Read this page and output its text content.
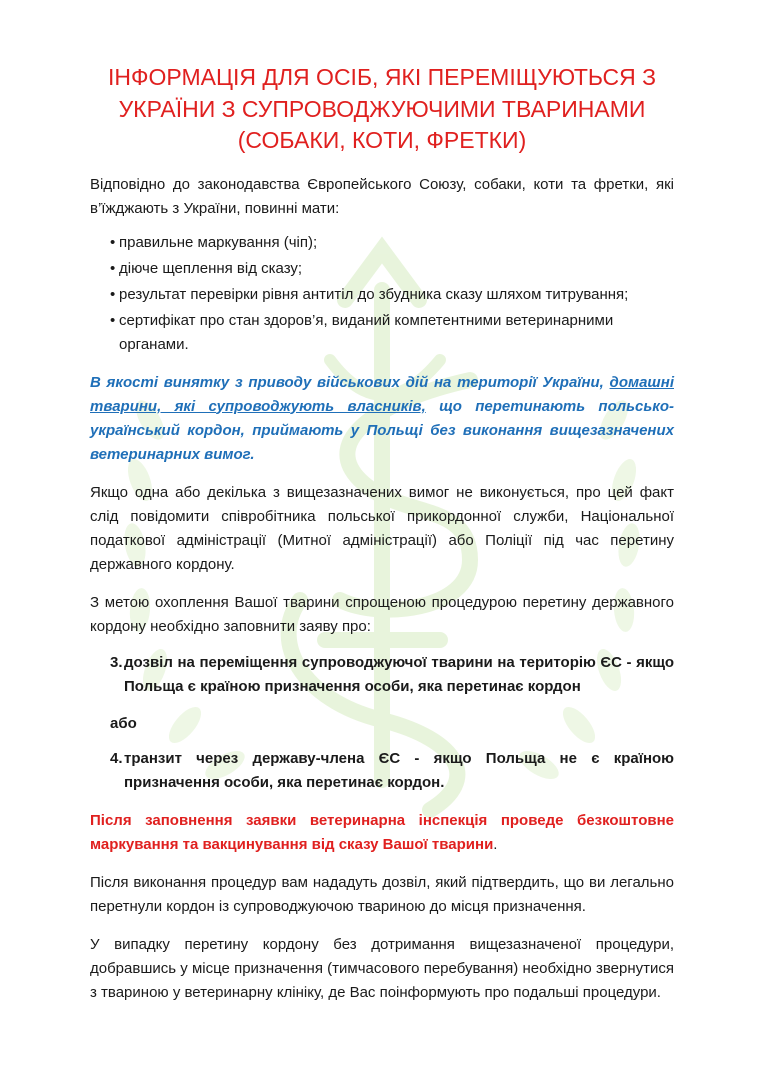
ІНФОРМАЦІЯ ДЛЯ ОСІБ, ЯКІ ПЕРЕМІЩУЮТЬСЯ З УКРАЇНИ З СУПРОВОДЖУЮЧИМИ ТВАРИНАМИ (СОБАКИ, КОТИ, ФРЕТКИ)

Відповідно до законодавства Європейського Союзу, собаки, коти та фретки, які в’їжджають з України, повинні мати:

• правильне маркування (чіп);
• діюче щеплення від сказу;
• результат перевірки рівня антитіл до збудника сказу шляхом титрування;
• сертифікат про стан здоров’я, виданий компетентними ветеринарними органами.

В якості винятку з приводу військових дій на території України, домашні тварини, які супроводжують власників, що перетинають польсько-український кордон, приймають у Польщі без виконання вищезазначених ветеринарних вимог.

Якщо одна або декілька з вищезазначених вимог не виконується, про цей факт слід повідомити співробітника польської прикордонної служби, Національної податкової адміністрації (Митної адміністрації) або Поліції під час перетину державного кордону.

З метою охоплення Вашої тварини спрощеною процедурою перетину державного кордону необхідно заповнити заяву про:

3. дозвіл на переміщення супроводжуючої тварини на територію ЄС - якщо Польща є країною призначення особи, яка перетинає кордон
або
4. транзит через державу-члена ЄС - якщо Польща не є країною призначення особи, яка перетинає кордон.

Після заповнення заявки ветеринарна інспекція проведе безкоштовне маркування та вакцинування від сказу Вашої тварини.

Після виконання процедур вам нададуть дозвіл, який підтвердить, що ви легально перетнули кордон із супроводжуючою твариною до місця призначення.

У випадку перетину кордону без дотримання вищезазначеної процедури, добравшись у місце призначення (тимчасового перебування) необхідно звернутися з твариною у ветеринарну клініку, де Вас поінформують про подальші процедури.
